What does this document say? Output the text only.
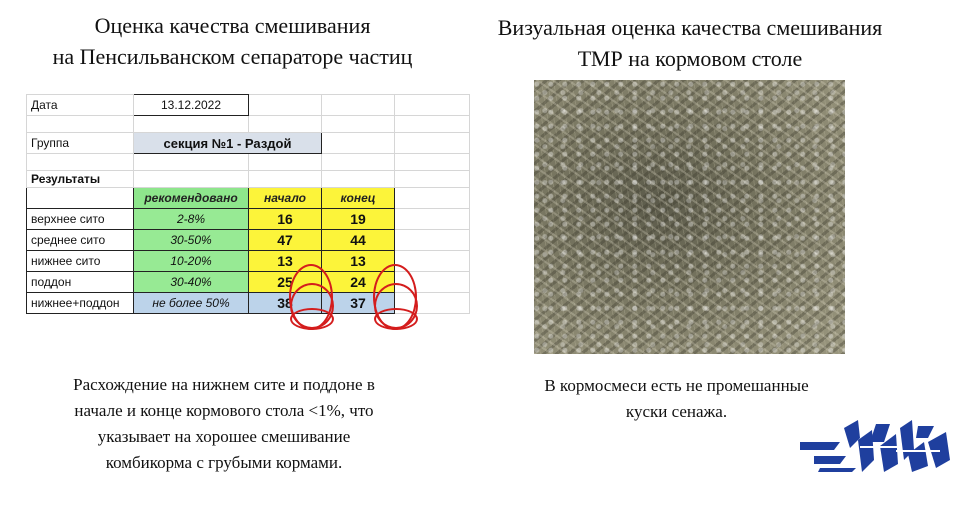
Оценка качества смешивания
на Пенсильванском сепараторе частиц
Визуальная оценка качества смешивания
ТМР на кормовом столе
Дата	13.12.2022			

Группа	секция №1 - Раздой			

Результаты				
	рекомендовано	начало	конец	
верхнее сито	2-8%	16	19	
среднее сито	30-50%	47	44	
нижнее сито	10-20%	13	13	
поддон	30-40%	25	24	
нижнее+поддон	не более 50%	38	37	
Расхождение на нижнем сите и поддоне в
начале и конце кормового стола <1%, что
указывает на хорошее смешивание
комбикорма с грубыми кормами.
В кормосмеси есть не промешанные
куски сенажа.
